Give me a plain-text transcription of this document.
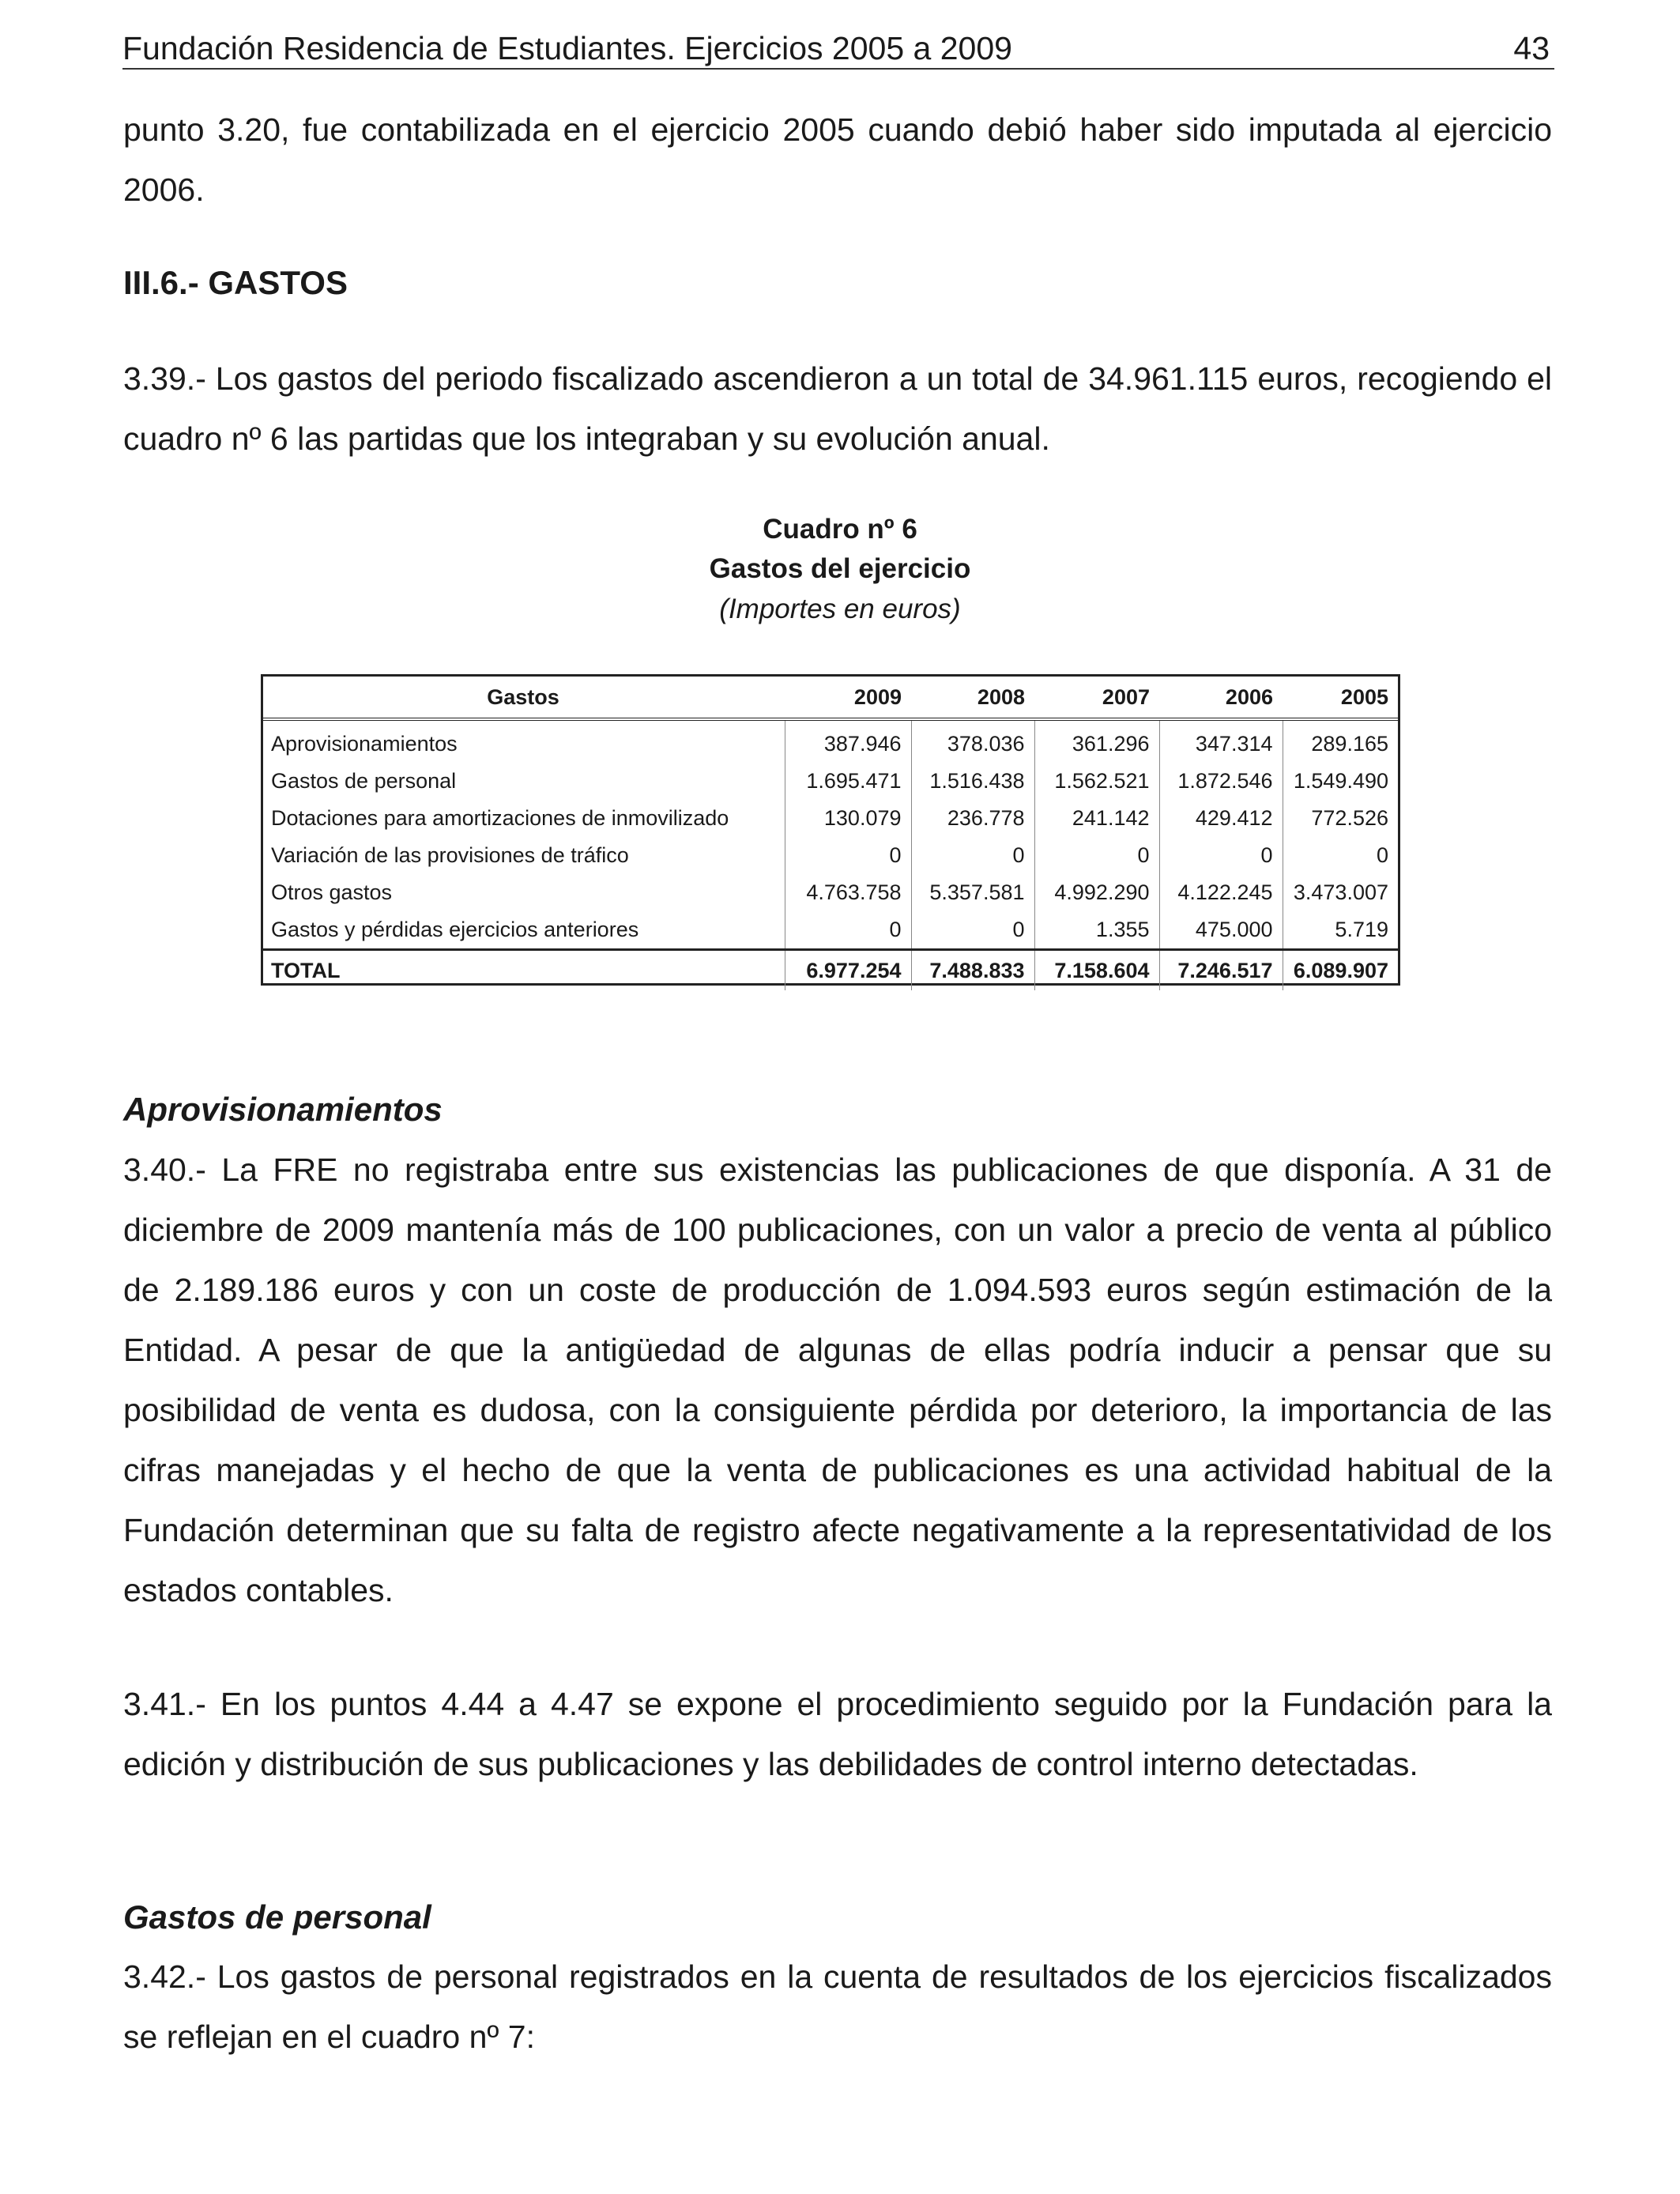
Fundación Residencia de Estudiantes. Ejercicios 2005 a 2009	43

punto 3.20, fue contabilizada en el ejercicio 2005 cuando debió haber sido imputada al ejercicio 2006.

III.6.- GASTOS

3.39.- Los gastos del periodo fiscalizado ascendieron a un total de 34.961.115 euros, recogiendo el cuadro nº 6 las partidas que los integraban y su evolución anual.

Cuadro nº 6
Gastos del ejercicio
(Importes en euros)
Gastos	2009	2008	2007	2006	2005
Aprovisionamientos	387.946	378.036	361.296	347.314	289.165
Gastos de personal	1.695.471	1.516.438	1.562.521	1.872.546	1.549.490
Dotaciones para amortizaciones de inmovilizado	130.079	236.778	241.142	429.412	772.526
Variación de las provisiones de tráfico	0	0	0	0	0
Otros gastos	4.763.758	5.357.581	4.992.290	4.122.245	3.473.007
Gastos y pérdidas ejercicios anteriores	0	0	1.355	475.000	5.719
TOTAL	6.977.254	7.488.833	7.158.604	7.246.517	6.089.907
Aprovisionamientos

3.40.- La FRE no registraba entre sus existencias las publicaciones de que disponía. A 31 de diciembre de 2009 mantenía más de 100 publicaciones, con un valor a precio de venta al público de 2.189.186 euros y con un coste de producción de 1.094.593 euros según estimación de la Entidad. A pesar de que la antigüedad de algunas de ellas podría inducir a pensar que su posibilidad de venta es dudosa, con la consiguiente pérdida por deterioro, la importancia de las cifras manejadas y el hecho de que la venta de publicaciones es una actividad habitual de la Fundación determinan que su falta de registro afecte negativamente a la representatividad de los estados contables.

3.41.- En los puntos 4.44 a 4.47 se expone el procedimiento seguido por la Fundación para la edición y distribución de sus publicaciones y las debilidades de control interno detectadas.

Gastos de personal

3.42.- Los gastos de personal registrados en la cuenta de resultados de los ejercicios fiscalizados se reflejan en el cuadro nº 7:
